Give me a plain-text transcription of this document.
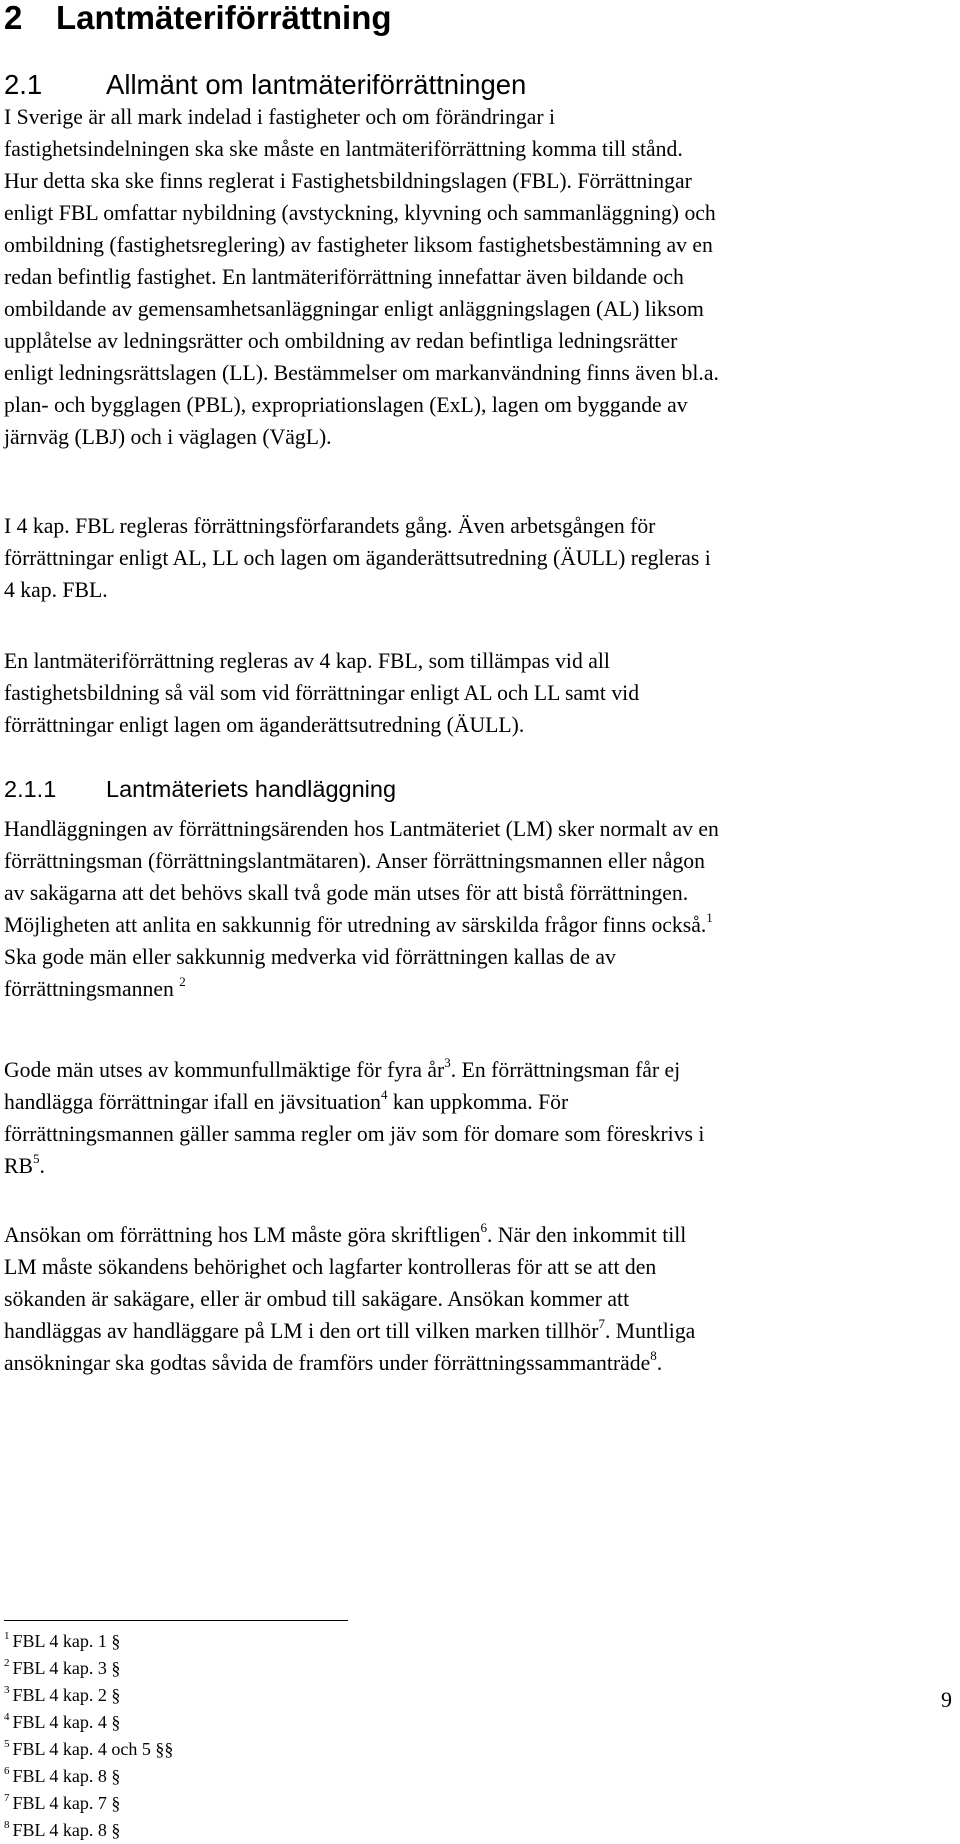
2 Lantmäteriförrättning
2.1 Allmänt om lantmäteriförrättningen
I Sverige är all mark indelad i fastigheter och om förändringar i
fastighetsindelningen ska ske måste en lantmäteriförrättning komma till stånd.
Hur detta ska ske finns reglerat i Fastighetsbildningslagen (FBL). Förrättningar
enligt FBL omfattar nybildning (avstyckning, klyvning och sammanläggning) och
ombildning (fastighetsreglering) av fastigheter liksom fastighetsbestämning av en
redan befintlig fastighet. En lantmäteriförrättning innefattar även bildande och
ombildande av gemensamhetsanläggningar enligt anläggningslagen (AL) liksom
upplåtelse av ledningsrätter och ombildning av redan befintliga ledningsrätter
enligt ledningsrättslagen (LL). Bestämmelser om markanvändning finns även bl.a.
plan- och bygglagen (PBL), expropriationslagen (ExL), lagen om byggande av
järnväg (LBJ) och i väglagen (VägL).
I 4 kap. FBL regleras förrättningsförfarandets gång. Även arbetsgången för
förrättningar enligt AL, LL och lagen om äganderättsutredning (ÄULL) regleras i
4 kap. FBL.
En lantmäteriförrättning regleras av 4 kap. FBL, som tillämpas vid all
fastighetsbildning så väl som vid förrättningar enligt AL och LL samt vid
förrättningar enligt lagen om äganderättsutredning (ÄULL).
2.1.1 Lantmäteriets handläggning
Handläggningen av förrättningsärenden hos Lantmäteriet (LM) sker normalt av en
förrättningsman (förrättningslantmätaren). Anser förrättningsmannen eller någon
av sakägarna att det behövs skall två gode män utses för att bistå förrättningen.
Möjligheten att anlita en sakkunnig för utredning av särskilda frågor finns också.$^1$
Ska gode män eller sakkunnig medverka vid förrättningen kallas de av
förrättningsmannen $^2$
Gode män utses av kommunfullmäktige för fyra $år^3$. En förrättningsman får ej
handlägga förrättningar ifall en jävsituation$^4$ kan uppkomma. För
förrättningsmannen gäller samma regler om jäv som för domare som föreskrivs i
$RB^5$.
Ansökan om förrättning hos LM måste göra skriftligen$^6$. När den inkommit till
LM måste sökandens behörighet och lagfarter kontrolleras för att se att den
sökanden är sakägare, eller är ombud till sakägare. Ansökan kommer att
handläggas av handläggare på LM i den ort till vilken marken tillhör$^7$. Muntliga
ansökningar ska godtas såvida de framförs under förrättningssammanträde$^8$.
$^1$ FBL 4 kap. 1 §
$^2$ FBL 4 kap. 3 §
$^3$ FBL 4 kap. 2 §
$^4$ FBL 4 kap. 4 §
$^5$ FBL 4 kap. 4 och 5 §§
$^6$ FBL 4 kap. 8 §
$^7$ FBL 4 kap. 7 §
$^8$ FBL 4 kap. 8 §
9
